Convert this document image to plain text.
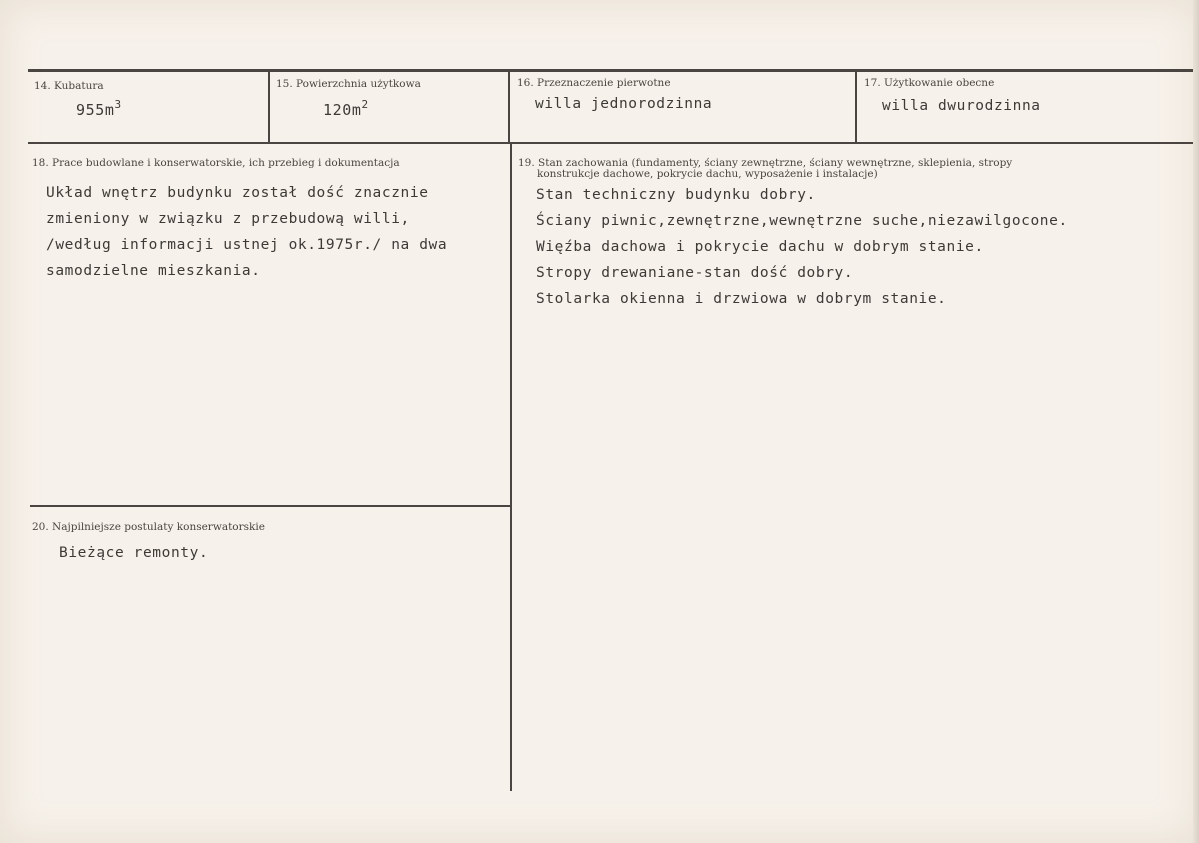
14. Kubatura
$955m^3$
15. Powierzchnia użytkowa
$120m^2$
16. Przeznaczenie pierwotne
willa jednorodzinna
17. Użytkowanie obecne
willa dwurodzinna
18. Prace budowlane i konserwatorskie, ich przebieg i dokumentacja
Układ wnętrz budynku został dość znacznie
zmieniony w związku z przebudową willi,
/według informacji ustnej ok.1975r./ na dwa
samodzielne mieszkania.
19. Stan zachowania (fundamenty, ściany zewnętrzne, ściany wewnętrzne, sklepienia, stropy
konstrukcje dachowe, pokrycie dachu, wyposażenie i instalacje)
Stan techniczny budynku dobry.
Ściany piwnic,zewnętrzne,wewnętrzne suche,niezawilgocone.
Więźba dachowa i pokrycie dachu w dobrym stanie.
Stropy drewaniane-stan dość dobry.
Stolarka okienna i drzwiowa w dobrym stanie.
20. Najpilniejsze postulaty konserwatorskie
Bieżące remonty.
